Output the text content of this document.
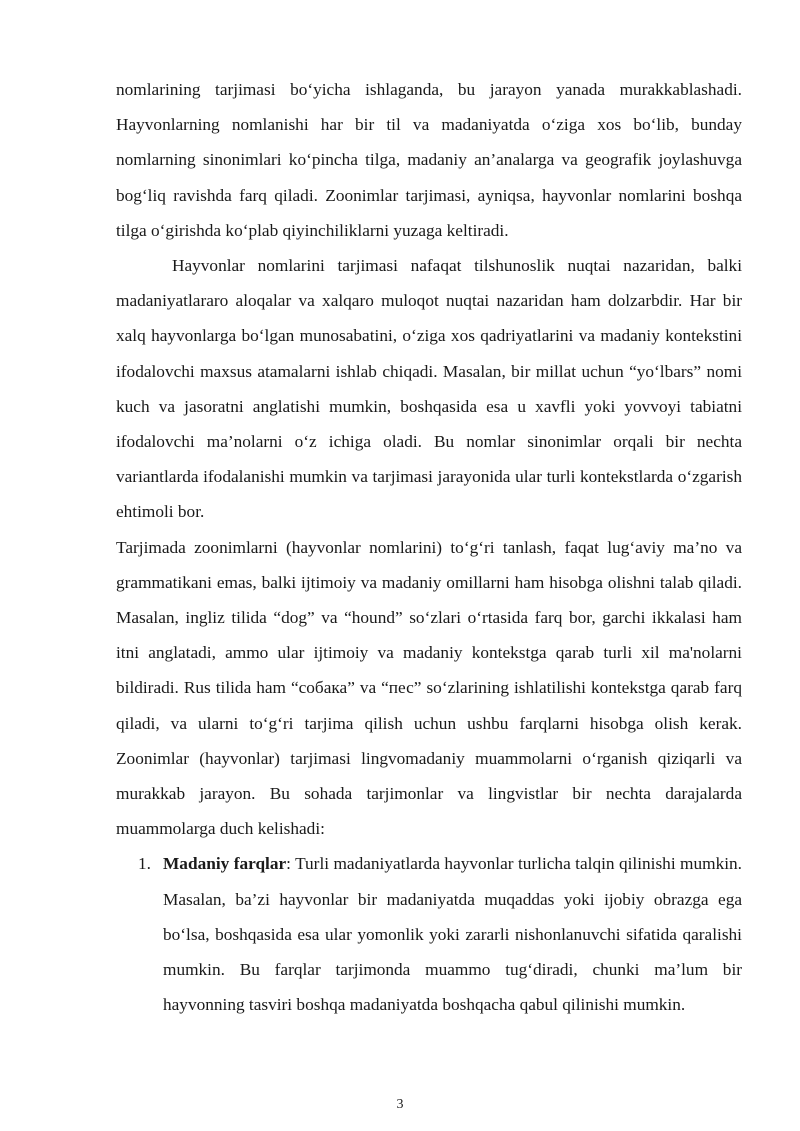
nomlarining tarjimasi bo‘yicha ishlaganda, bu jarayon yanada murakkablashadi. Hayvonlarning nomlanishi har bir til va madaniyatda o‘ziga xos bo‘lib, bunday nomlarning sinonimlari ko‘pincha tilga, madaniy an’analarga va geografik joylashuvga bog‘liq ravishda farq qiladi. Zoonimlar tarjimasi, ayniqsa, hayvonlar nomlarini boshqa tilga o‘girishda ko‘plab qiyinchiliklarni yuzaga keltiradi.

Hayvonlar nomlarini tarjimasi nafaqat tilshunoslik nuqtai nazaridan, balki madaniyatlararo aloqalar va xalqaro muloqot nuqtai nazaridan ham dolzarbdir. Har bir xalq hayvonlarga bo‘lgan munosabatini, o‘ziga xos qadriyatlarini va madaniy kontekstini ifodalovchi maxsus atamalarni ishlab chiqadi. Masalan, bir millat uchun “yo‘lbars” nomi kuch va jasoratni anglatishi mumkin, boshqasida esa u xavfli yoki yovvoyi tabiatni ifodalovchi ma’nolarni o‘z ichiga oladi. Bu nomlar sinonimlar orqali bir nechta variantlarda ifodalanishi mumkin va tarjimasi jarayonida ular turli kontekstlarda o‘zgarish ehtimoli bor.

Tarjimada zoonimlarni (hayvonlar nomlarini) to‘g‘ri tanlash, faqat lug‘aviy ma’no va grammatikani emas, balki ijtimoiy va madaniy omillarni ham hisobga olishni talab qiladi. Masalan, ingliz tilida “dog” va “hound” so‘zlari o‘rtasida farq bor, garchi ikkalasi ham itni anglatadi, ammo ular ijtimoiy va madaniy kontekstga qarab turli xil ma'nolarni bildiradi. Rus tilida ham “собака” va “пес” so‘zlarining ishlatilishi kontekstga qarab farq qiladi, va ularni to‘g‘ri tarjima qilish uchun ushbu farqlarni hisobga olish kerak. Zoonimlar (hayvonlar) tarjimasi lingvomadaniy muammolarni o‘rganish qiziqarli va murakkab jarayon. Bu sohada tarjimonlar va lingvistlar bir nechta darajalarda muammolarga duch kelishadi:

1. Madaniy farqlar: Turli madaniyatlarda hayvonlar turlicha talqin qilinishi mumkin. Masalan, ba’zi hayvonlar bir madaniyatda muqaddas yoki ijobiy obrazga ega bo‘lsa, boshqasida esa ular yomonlik yoki zararli nishonlanuvchi sifatida qaralishi mumkin. Bu farqlar tarjimonda muammo tug‘diradi, chunki ma’lum bir hayvonning tasviri boshqa madaniyatda boshqacha qabul qilinishi mumkin.
3
